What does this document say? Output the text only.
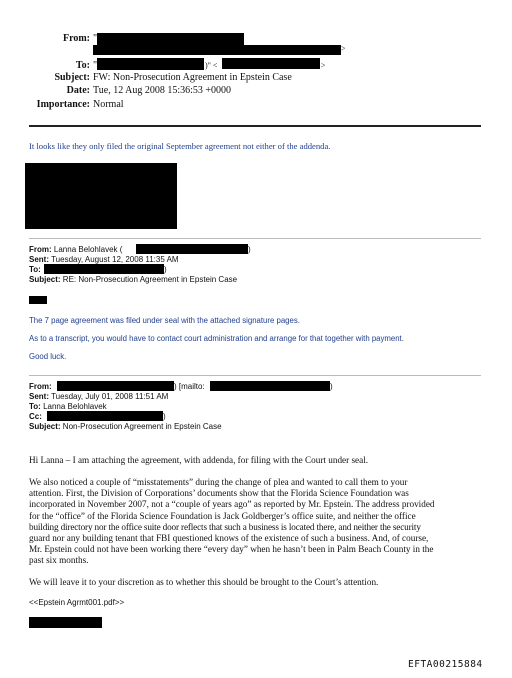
From: "
>
To: "	)" <	>
Subject: FW: Non-Prosecution Agreement in Epstein Case
Date: Tue, 12 Aug 2008 15:36:53 +0000
Importance: Normal
It looks like they only filed the original September agreement not either of the addenda.
From: Lanna Belohlavek (	)
Sent: Tuesday, August 12, 2008 11:35 AM
To:	)
Subject: RE: Non-Prosecution Agreement in Epstein Case
The 7 page agreement was filed under seal with the attached signature pages.
As to a transcript, you would have to contact court administration and arrange for that together with payment.
Good luck.
From:	) [mailto:	)
Sent: Tuesday, July 01, 2008 11:51 AM
To: Lanna Belohlavek
Cc:	)
Subject: Non-Prosecution Agreement in Epstein Case
Hi Lanna – I am attaching the agreement, with addenda, for filing with the Court under seal.
We also noticed a couple of “misstatements” during the change of plea and wanted to call them to your
attention. First, the Division of Corporations’ documents show that the Florida Science Foundation was
incorporated in November 2007, not a “couple of years ago” as reported by Mr. Epstein. The address provided
for the “office” of the Florida Science Foundation is Jack Goldberger’s office suite, and neither the office
building directory nor the office suite door reflects that such a business is located there, and neither the security
guard nor any building tenant that FBI questioned knows of the existence of such a business. And, of course,
Mr. Epstein could not have been working there “every day” when he hasn’t been in Palm Beach County in the
past six months.
We will leave it to your discretion as to whether this should be brought to the Court’s attention.
<<Epstein Agrmt001.pdf>>
EFTA00215884
